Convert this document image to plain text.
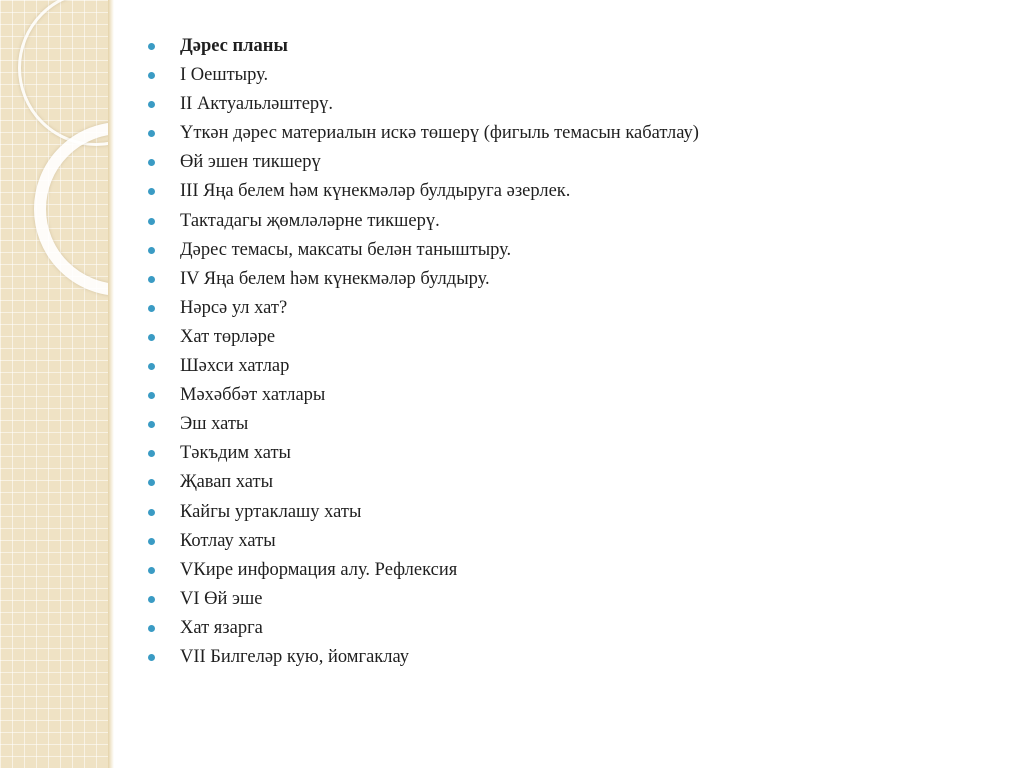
Дәрес планы
I Оештыру.
II Актуальләштерү.
Үткән дәрес материалын искә төшерү (фигыль темасын кабатлау)
Өй эшен тикшерү
III Яңа белем һәм күнекмәләр булдыруга әзерлек.
Тактадагы җөмләләрне тикшерү.
Дәрес темасы, максаты белән таныштыру.
IV Яңа белем һәм күнекмәләр булдыру.
Нәрсә ул хат?
Хат төрләре
Шәхси хатлар
Мәхәббәт хатлары
Эш хаты
Тәкъдим хаты
Җавап хаты
Кайгы уртаклашу хаты
Котлау хаты
VКире информация алу. Рефлексия
VI Өй эше
Хат язарга
VII Билгеләр кую, йомгаклау
